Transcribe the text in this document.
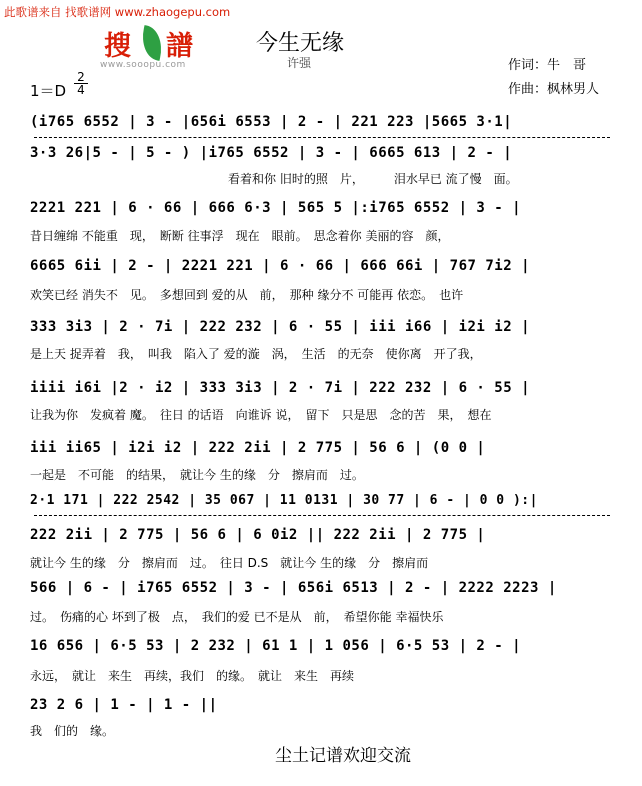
此歌谱来自 找歌谱网 www.zhaogepu.com
搜 譜
www.sooopu.com
今生无缘
许强	作词：牛　哥
作曲：枫林男人
$1=D \frac{2}{4}$
(i765 6552 | 3 - |656i 6553 | 2 - | 221 223 |5665 3·1|
3·3 26|5 - | 5 - ) |i765 6552 | 3 - | 6665 613 | 2 - |
看着和你 旧时的照　片，　　　泪水早已 流了慢　面。
2221 221 | 6 · 66 | 666 6·3 | 565 5 |:i765 6552 | 3 - |
昔日缠绵 不能重　现，　断断 往事浮　现在　眼前。　思念着你 美丽的容　颜，
6665 6ii | 2 - | 2221 221 | 6 · 66 | 666 66i | 767 7i2 |
欢笑已经 消失不　见。　多想回到 爱的从　前，　那种 缘分不 可能再 依恋。　也许
333 3i3 | 2 · 7i | 222 232 | 6 · 55 | iii i66 | i2i i2 |
是上天 捉弄着　我，　叫我　陷入了 爱的漩　涡，　生活　的无奈　使你离　开了我，
iiii i6i |2 · i2 | 333 3i3 | 2 · 7i | 222 232 | 6 · 55 |
让我为你　发疯着 魔。　往日 的话语　向谁诉 说，　留下　只是思　念的苦　果，　想在
iii ii65 | i2i i2 | 222 2ii | 2 775 | 56 6 | (0 0 |
一起是　不可能　的结果，　就让今 生的缘　分　擦肩而　过。
2·1 171 | 222 2542 | 35 067 | 11 0131 | 30 77 | 6 - | 0 0 ):|
222 2ii | 2 775 | 56 6 | 6 0i2 || 222 2ii | 2 775 |
就让今 生的缘　分　擦肩而　过。　往日 D.S　就让今 生的缘　分　擦肩而
566 | 6 - | i765 6552 | 3 - | 656i 6513 | 2 - | 2222 2223 |
过。　伤痛的心 坏到了极　点，　我们的爱 已不是从　前，　希望你能 幸福快乐
16 656 | 6·5 53 | 2 232 | 61 1 | 1 056 | 6·5 53 | 2 - |
永远，　就让　来生　再续，我们　的缘。　就让　来生　再续
23 2 6 | 1 - | 1 - ||
我　们的　缘。
尘土记谱欢迎交流
